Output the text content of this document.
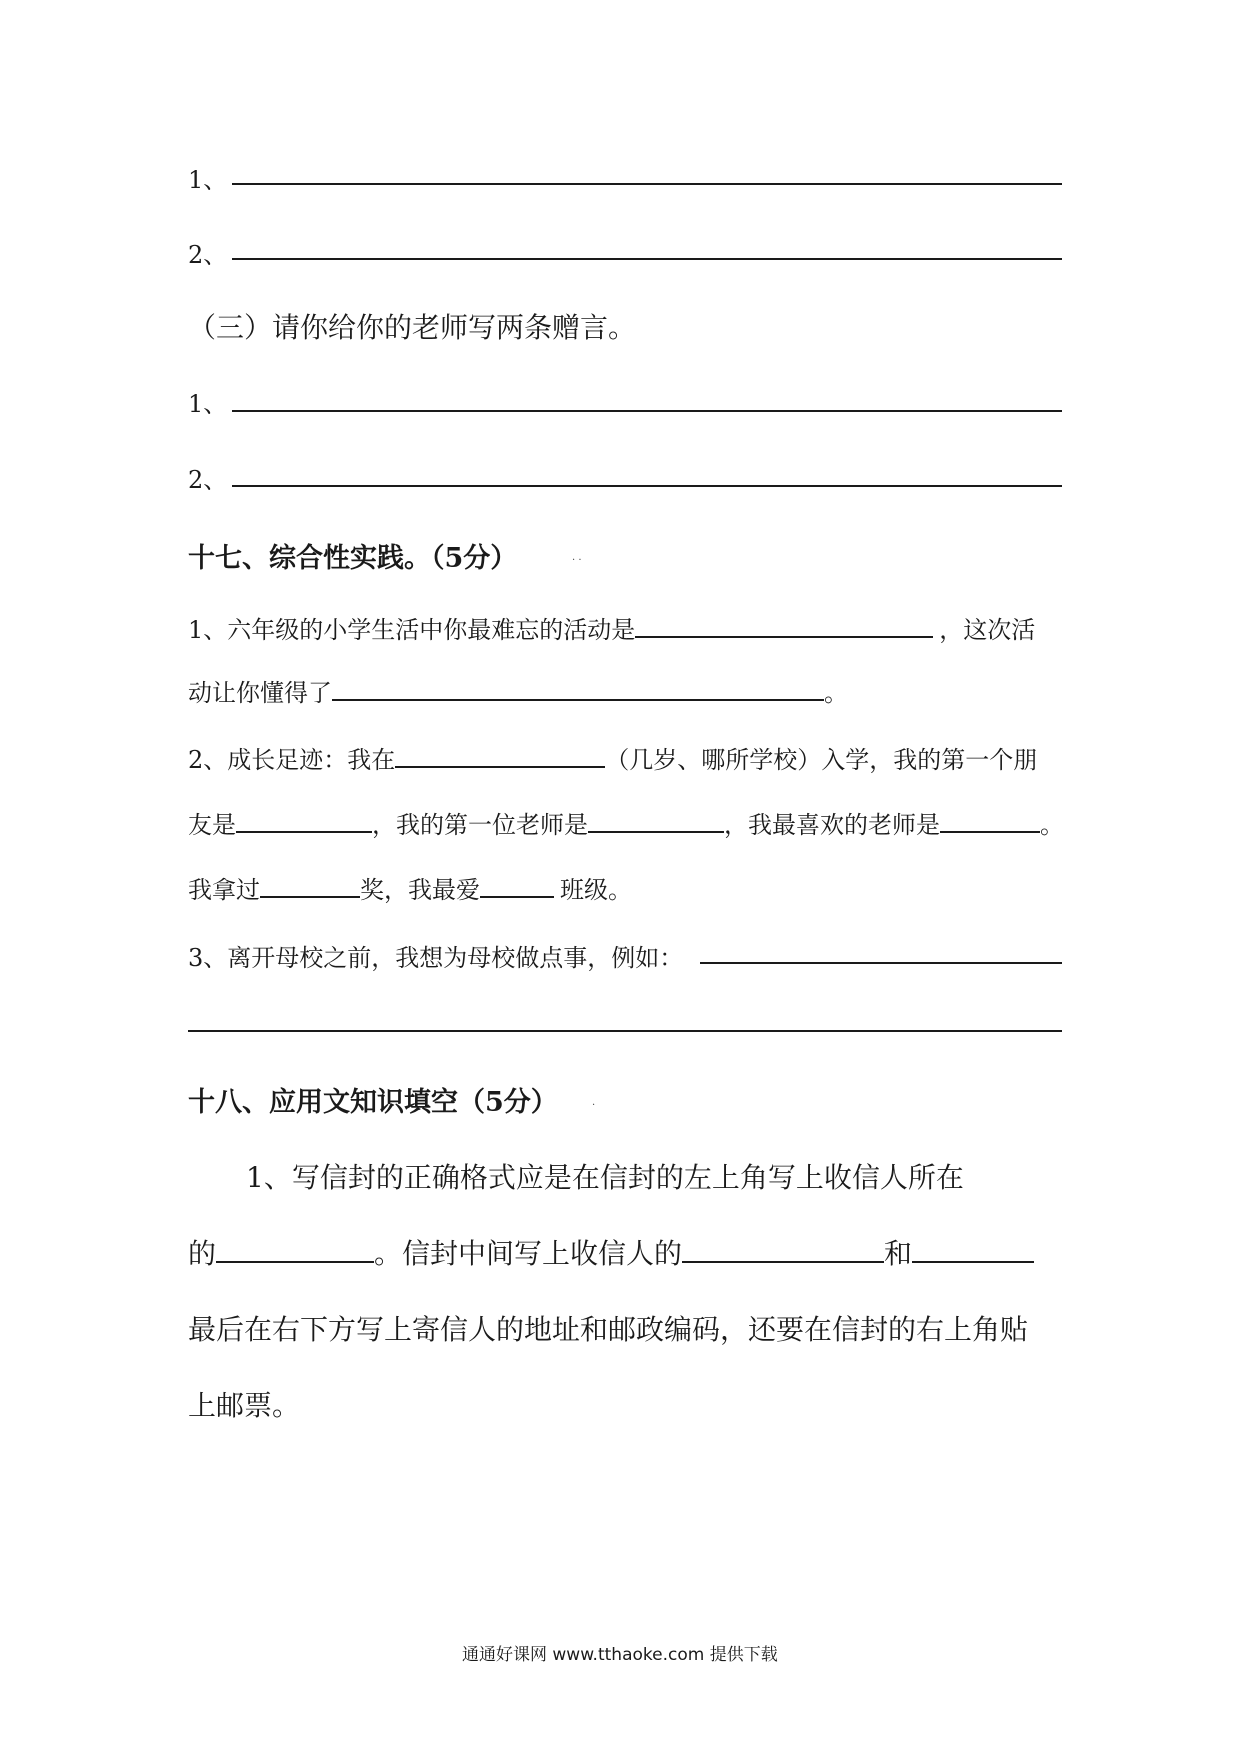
1、
2、
（三）请你给你的老师写两条赠言。
1、
2、
十七、综合性实践。（5分）	. .
1、六年级的小学生活中你最难忘的活动是	，这次活
动让你懂得了	。
2、成长足迹：我在	（几岁、哪所学校）入学，我的第一个朋
友是	，我的第一位老师是	，我最喜欢的老师是	。
我拿过	奖，我最爱	班级。
3、离开母校之前，我想为母校做点事，例如：
十八、应用文知识填空（5分）	.
1、写信封的正确格式应是在信封的左上角写上收信人所在
的	。信封中间写上收信人的	和
最后在右下方写上寄信人的地址和邮政编码，还要在信封的右上角贴
上邮票。
通通好课网 www.tthaoke.com 提供下载
